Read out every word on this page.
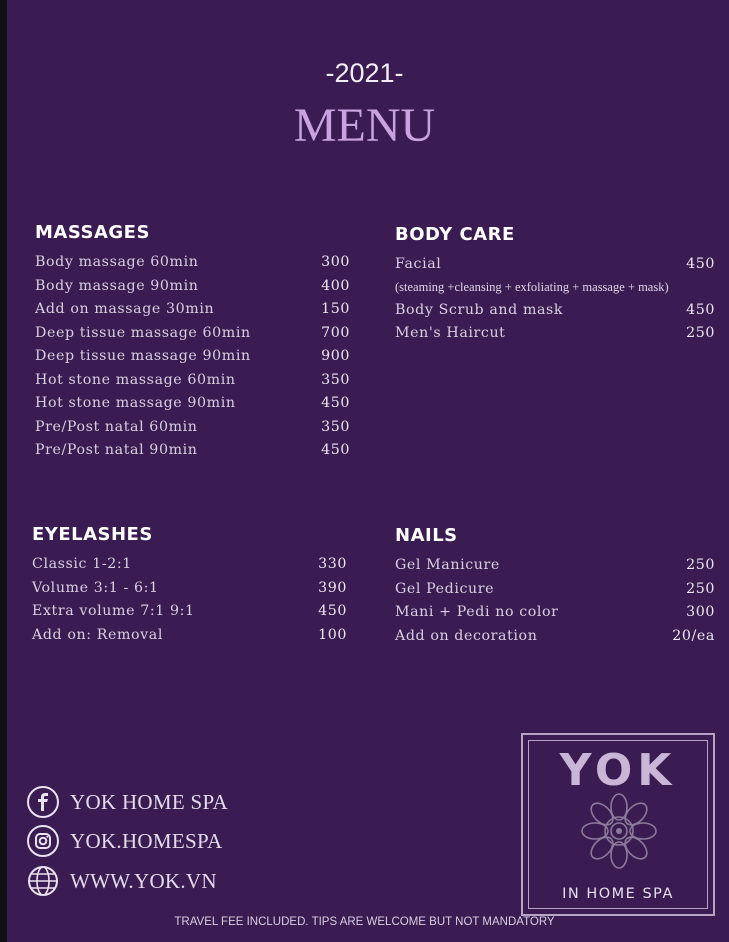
-2021-
MENU
MASSAGES
Body massage 60min	300
Body massage 90min	400
Add on massage 30min	150
Deep tissue massage 60min	700
Deep tissue massage 90min	900
Hot stone massage 60min	350
Hot stone massage 90min	450
Pre/Post natal 60min	350
Pre/Post natal 90min	450
BODY CARE
Facial	450
(steaming +cleansing + exfoliating + massage + mask)
Body Scrub and mask	450
Men's Haircut	250
EYELASHES
Classic 1-2:1	330
Volume 3:1 - 6:1	390
Extra volume 7:1 9:1	450
Add on: Removal	100
NAILS
Gel Manicure	250
Gel Pedicure	250
Mani + Pedi no color	300
Add on decoration	20/ea
YOK HOME SPA
YOK.HOMESPA
WWW.YOK.VN
YOK
IN HOME SPA
TRAVEL FEE INCLUDED. TIPS ARE WELCOME BUT NOT MANDATORY
